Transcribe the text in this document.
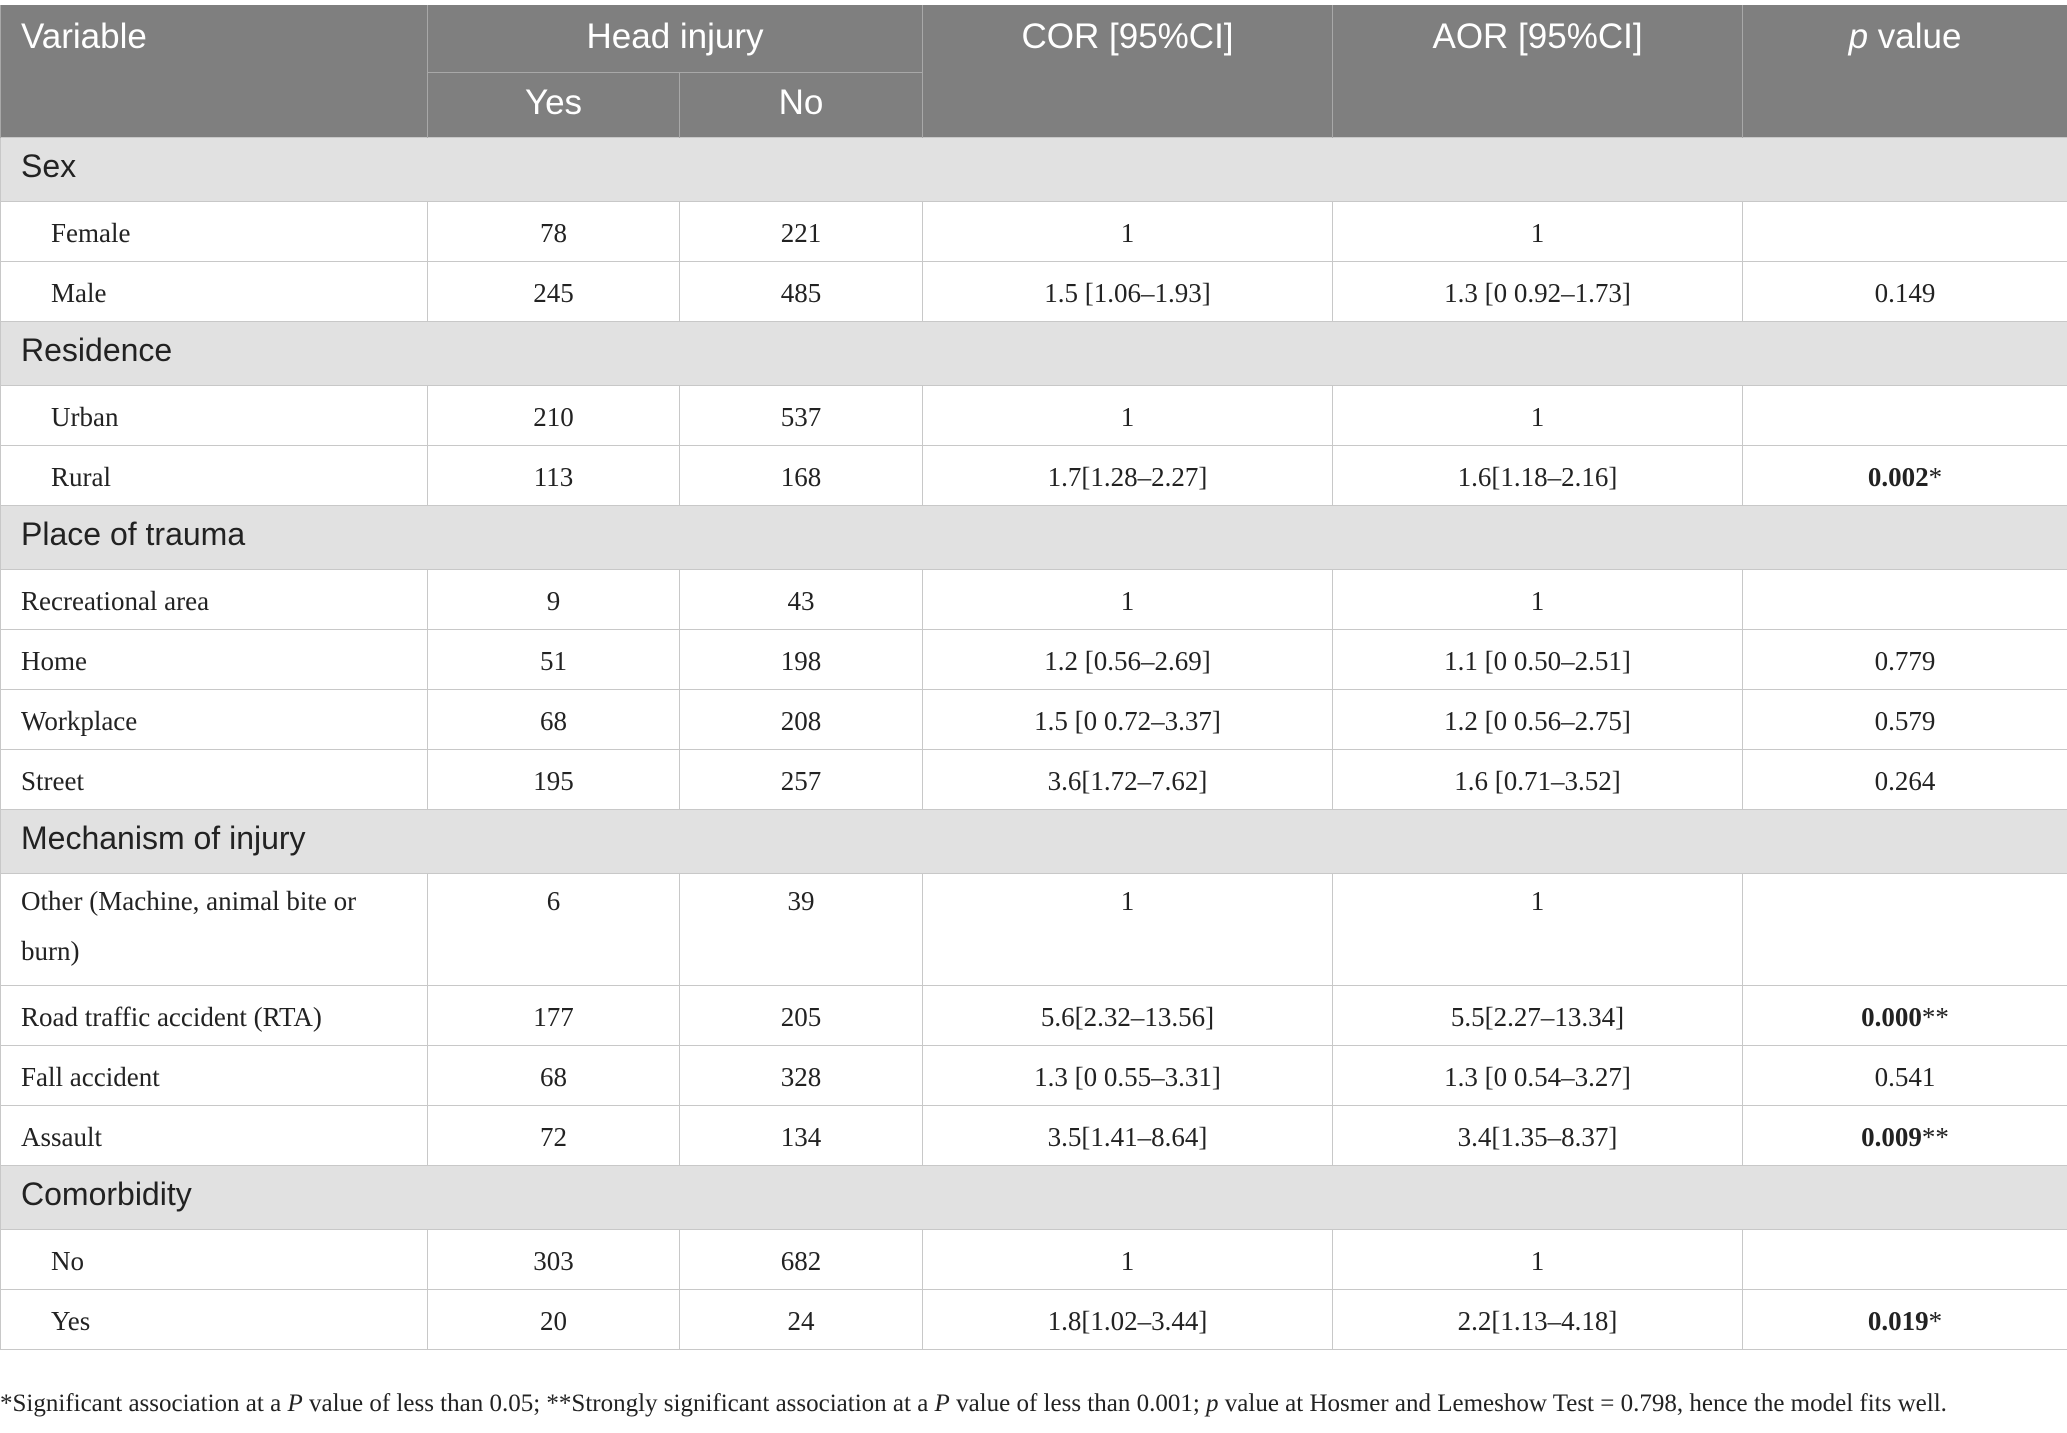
Variable	Head injury		COR [95%CI]	AOR [95%CI]	p value
	Yes	No			
Sex					
Female	78	221	1	1	
Male	245	485	1.5 [1.06–1.93]	1.3 [0 0.92–1.73]	0.149
Residence					
Urban	210	537	1	1	
Rural	113	168	1.7[1.28–2.27]	1.6[1.18–2.16]	0.002*
Place of trauma					
Recreational area	9	43	1	1	
Home	51	198	1.2 [0.56–2.69]	1.1 [0 0.50–2.51]	0.779
Workplace	68	208	1.5 [0 0.72–3.37]	1.2 [0 0.56–2.75]	0.579
Street	195	257	3.6[1.72–7.62]	1.6 [0.71–3.52]	0.264
Mechanism of injury					
Other (Machine, animal bite or burn)	6	39	1	1	
Road traffic accident (RTA)	177	205	5.6[2.32–13.56]	5.5[2.27–13.34]	0.000**
Fall accident	68	328	1.3 [0 0.55–3.31]	1.3 [0 0.54–3.27]	0.541
Assault	72	134	3.5[1.41–8.64]	3.4[1.35–8.37]	0.009**
Comorbidity					
No	303	682	1	1	
Yes	20	24	1.8[1.02–3.44]	2.2[1.13–4.18]	0.019*
*Significant association at a P value of less than 0.05; **Strongly significant association at a P value of less than 0.001; p value at Hosmer and Lemeshow Test = 0.798, hence the model fits well.
